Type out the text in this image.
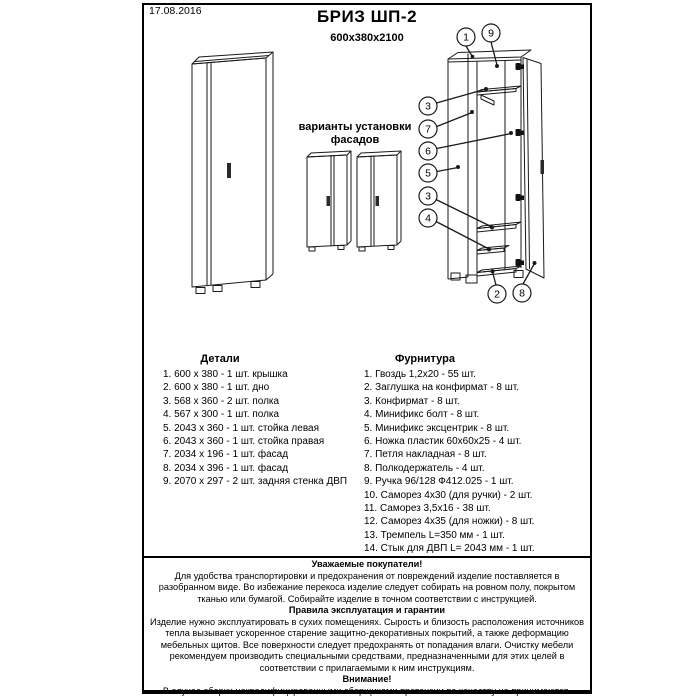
17.08.2016	БРИЗ ШП-2
600x380x2100
варианты установки фасадов
1 9
3
7
6
5
3
4
2 8
Детали
1. 600 х 380 - 1 шт. крышка
2. 600 х 380 - 1 шт. дно
3. 568 х 360 - 2 шт. полка
4. 567 х 300 - 1 шт. полка
5. 2043 х 360 - 1 шт. стойка левая
6. 2043 х 360 - 1 шт. стойка правая
7. 2034 х 196 - 1 шт. фасад
8. 2034 х 396 - 1 шт. фасад
9. 2070 х 297 - 2 шт. задняя стенка ДВП
Фурнитура
1. Гвоздь 1,2х20 - 55 шт.
2. Заглушка на конфирмат - 8 шт.
3. Конфирмат - 8 шт.
4. Минификс болт - 8 шт.
5. Минификс эксцентрик - 8 шт.
6. Ножка пластик 60х60х25 - 4 шт.
7. Петля накладная - 8 шт.
8. Полкодержатель - 4 шт.
9. Ручка 96/128 Ф412.025 - 1 шт.
10. Саморез 4х30 (для ручки) - 2 шт.
11. Саморез 3,5х16 - 38 шт.
12. Саморез 4х35 (для ножки) - 8 шт.
13. Тремпель L=350 мм - 1 шт.
14. Стык для ДВП L= 2043 мм - 1 шт.
Уважаемые покупатели!
Для удобства транспортировки и предохранения от повреждений изделие поставляется в разобранном виде. Во избежание перекоса изделие следует собирать на ровном полу, покрытом тканью или бумагой. Собирайте изделие в точном соответствии с инструкцией.
Правила эксплуатация и гарантии
Изделие нужно эксплуатировать в сухих помещениях. Сырость и близость расположения источников тепла вызывает ускоренное старение защитно-декоративных покрытий, а также деформацию мебельных щитов. Все поверхности следует предохранять от попадания влаги. Очистку мебели рекомендуем производить специальными средствами, предназначенными для этих целей в соответствии с прилагаемыми к ним инструкциям.
Внимание!
В случае сборки неквалифицированными сборщиками претензии по качеству не принимаются.
